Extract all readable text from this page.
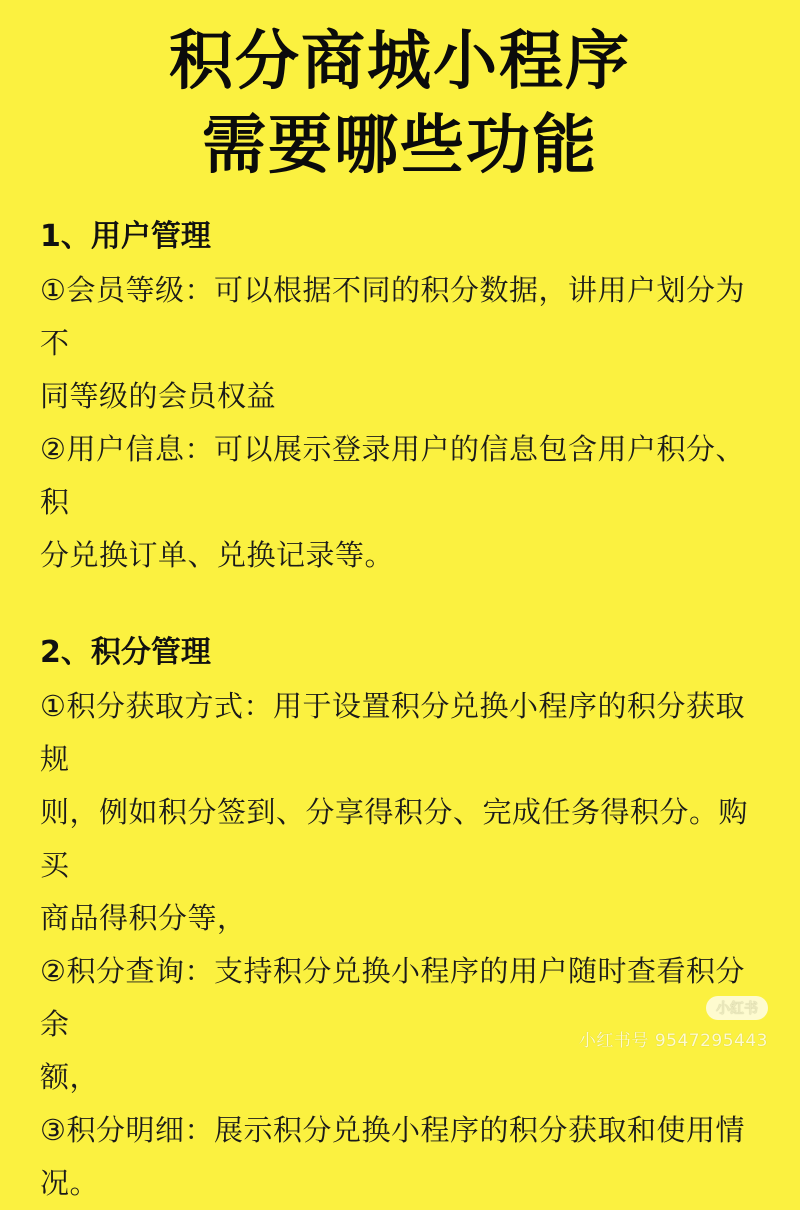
积分商城小程序
需要哪些功能

1、用户管理

①会员等级：可以根据不同的积分数据，讲用户划分为不

同等级的会员权益

②用户信息：可以展示登录用户的信息包含用户积分、积

分兑换订单、兑换记录等。

2、积分管理

①积分获取方式：用于设置积分兑换小程序的积分获取规

则，例如积分签到、分享得积分、完成任务得积分。购买

商品得积分等，

②积分查询：支持积分兑换小程序的用户随时查看积分余

额，

③积分明细：展示积分兑换小程序的积分获取和使用情

况。

小红书
小红书号 9547295443
